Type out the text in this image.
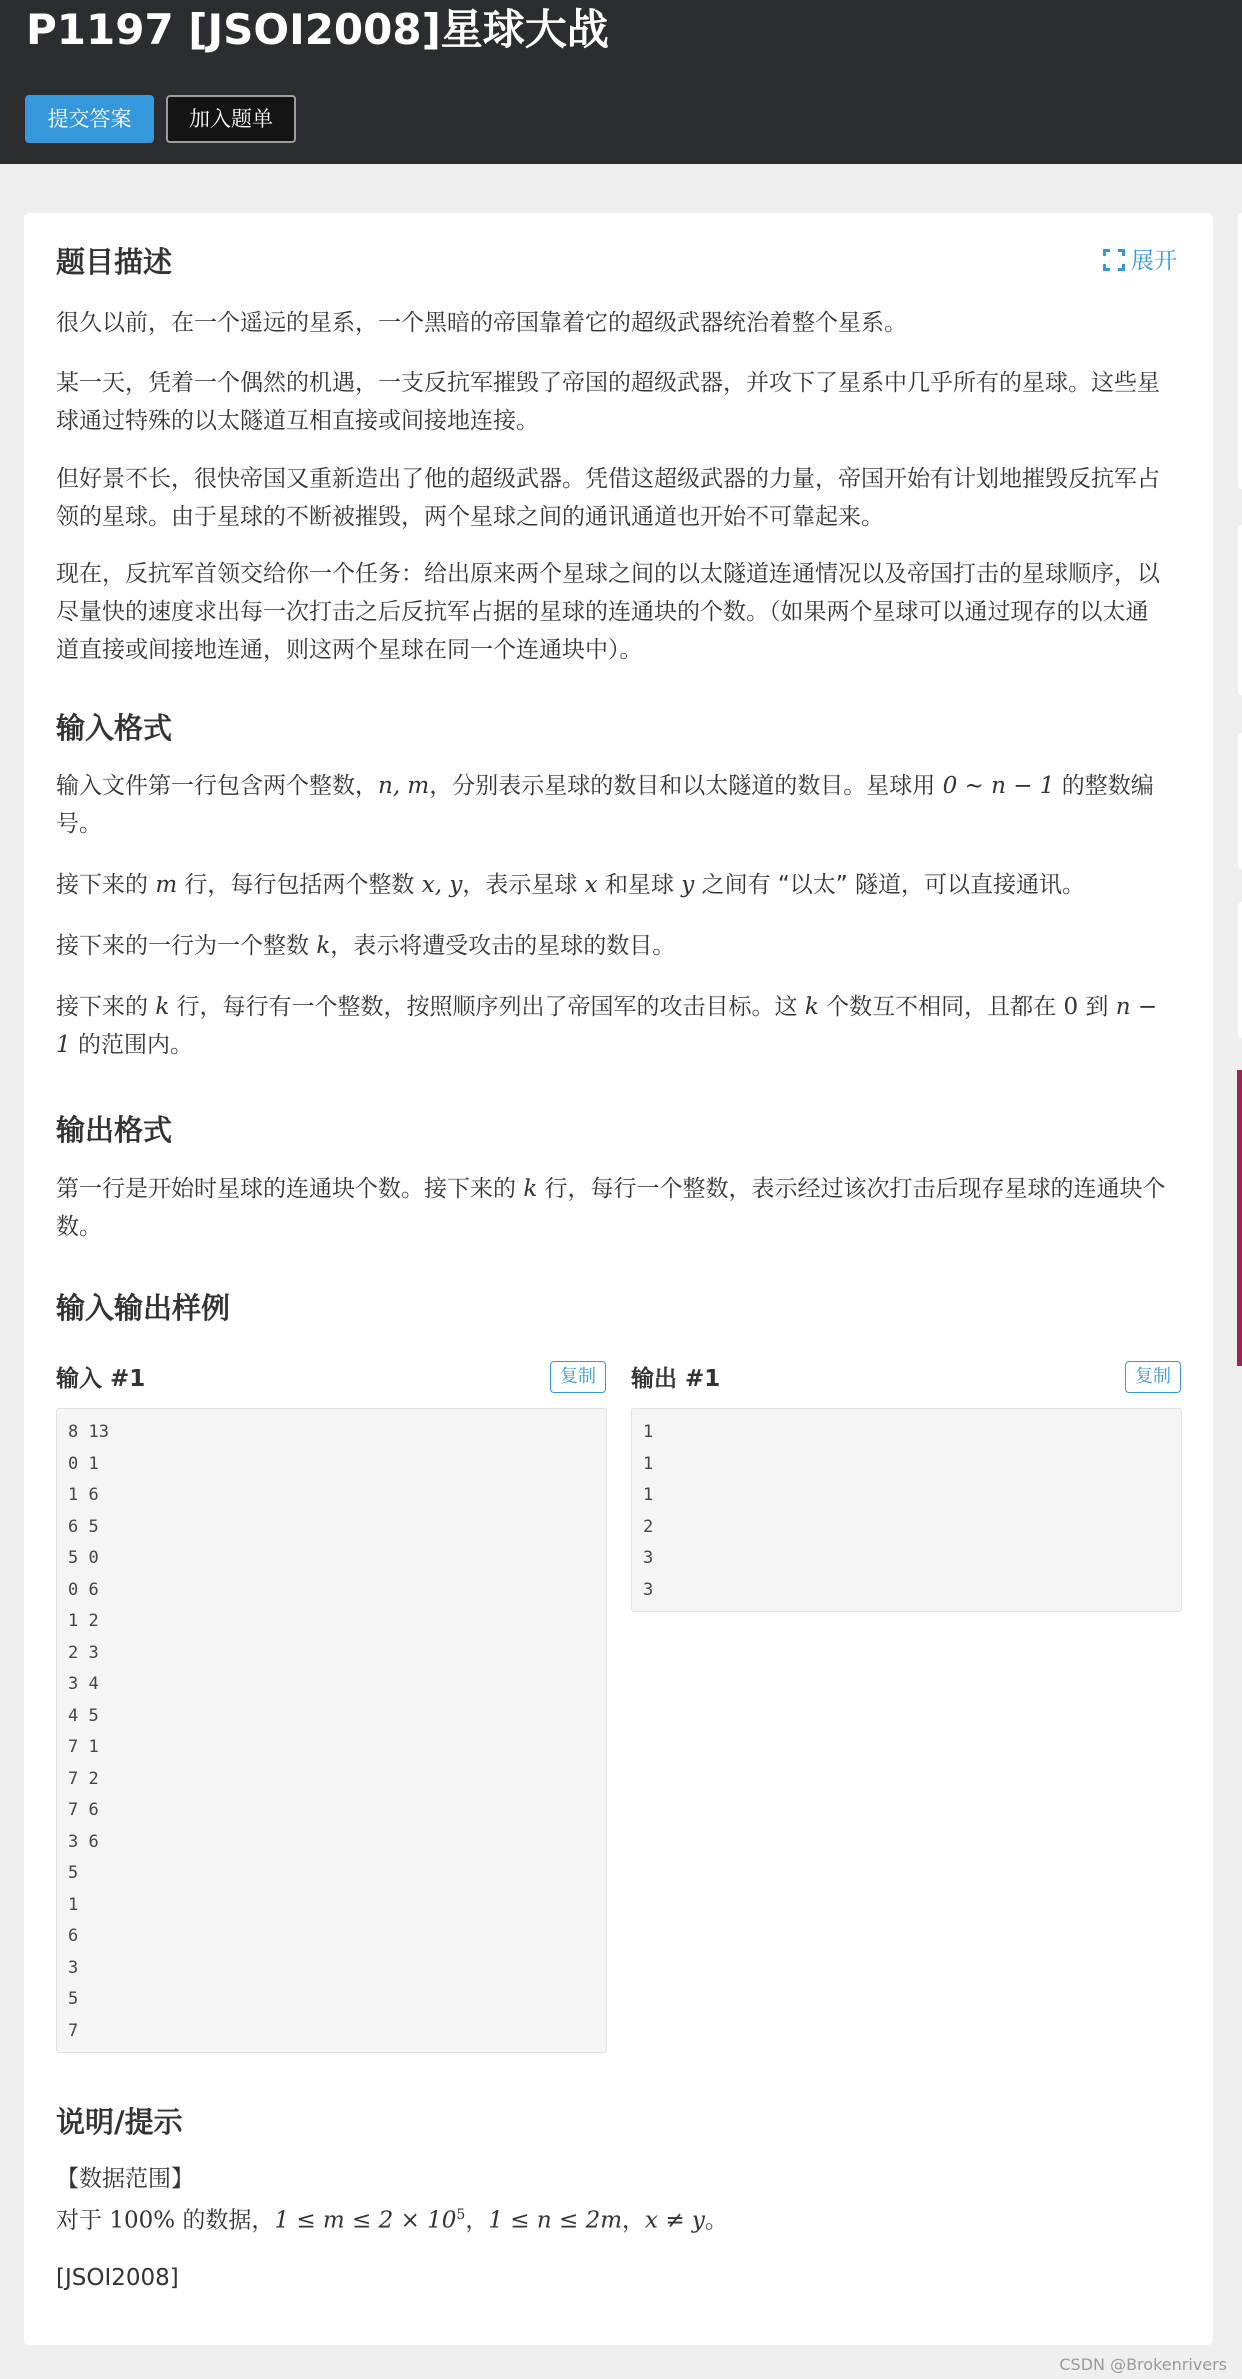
P1197 [JSOI2008]星球大战
提交答案	加入题单
题目描述	展开

很久以前，在一个遥远的星系，一个黑暗的帝国靠着它的超级武器统治着整个星系。

某一天，凭着一个偶然的机遇，一支反抗军摧毁了帝国的超级武器，并攻下了星系中几乎所有的星球。这些星球通过特殊的以太隧道互相直接或间接地连接。

但好景不长，很快帝国又重新造出了他的超级武器。凭借这超级武器的力量，帝国开始有计划地摧毁反抗军占领的星球。由于星球的不断被摧毁，两个星球之间的通讯通道也开始不可靠起来。

现在，反抗军首领交给你一个任务：给出原来两个星球之间的以太隧道连通情况以及帝国打击的星球顺序，以尽量快的速度求出每一次打击之后反抗军占据的星球的连通块的个数。（如果两个星球可以通过现存的以太通道直接或间接地连通，则这两个星球在同一个连通块中）。

输入格式

输入文件第一行包含两个整数，n, m，分别表示星球的数目和以太隧道的数目。星球用 0 ∼ n − 1 的整数编号。

接下来的 m 行，每行包括两个整数 x, y，表示星球 x 和星球 y 之间有 “以太” 隧道，可以直接通讯。

接下来的一行为一个整数 k，表示将遭受攻击的星球的数目。

接下来的 k 行，每行有一个整数，按照顺序列出了帝国军的攻击目标。这 k 个数互不相同，且都在 0 到 n − 1 的范围内。

输出格式

第一行是开始时星球的连通块个数。接下来的 k 行，每行一个整数，表示经过该次打击后现存星球的连通块个数。

输入输出样例
输入 #1	复制
8 13
0 1
1 6
6 5
5 0
0 6
1 2
2 3
3 4
4 5
7 1
7 2
7 6
3 6
5
1
6
3
5
7
输出 #1	复制
1
1
1
2
3
3
说明/提示

【数据范围】

对于 100% 的数据，$1 \le m \le 2 \times 10^5$，1 ≤ n ≤ 2m，x ≠ y。

[JSOI2008]

CSDN @Brokenrivers
